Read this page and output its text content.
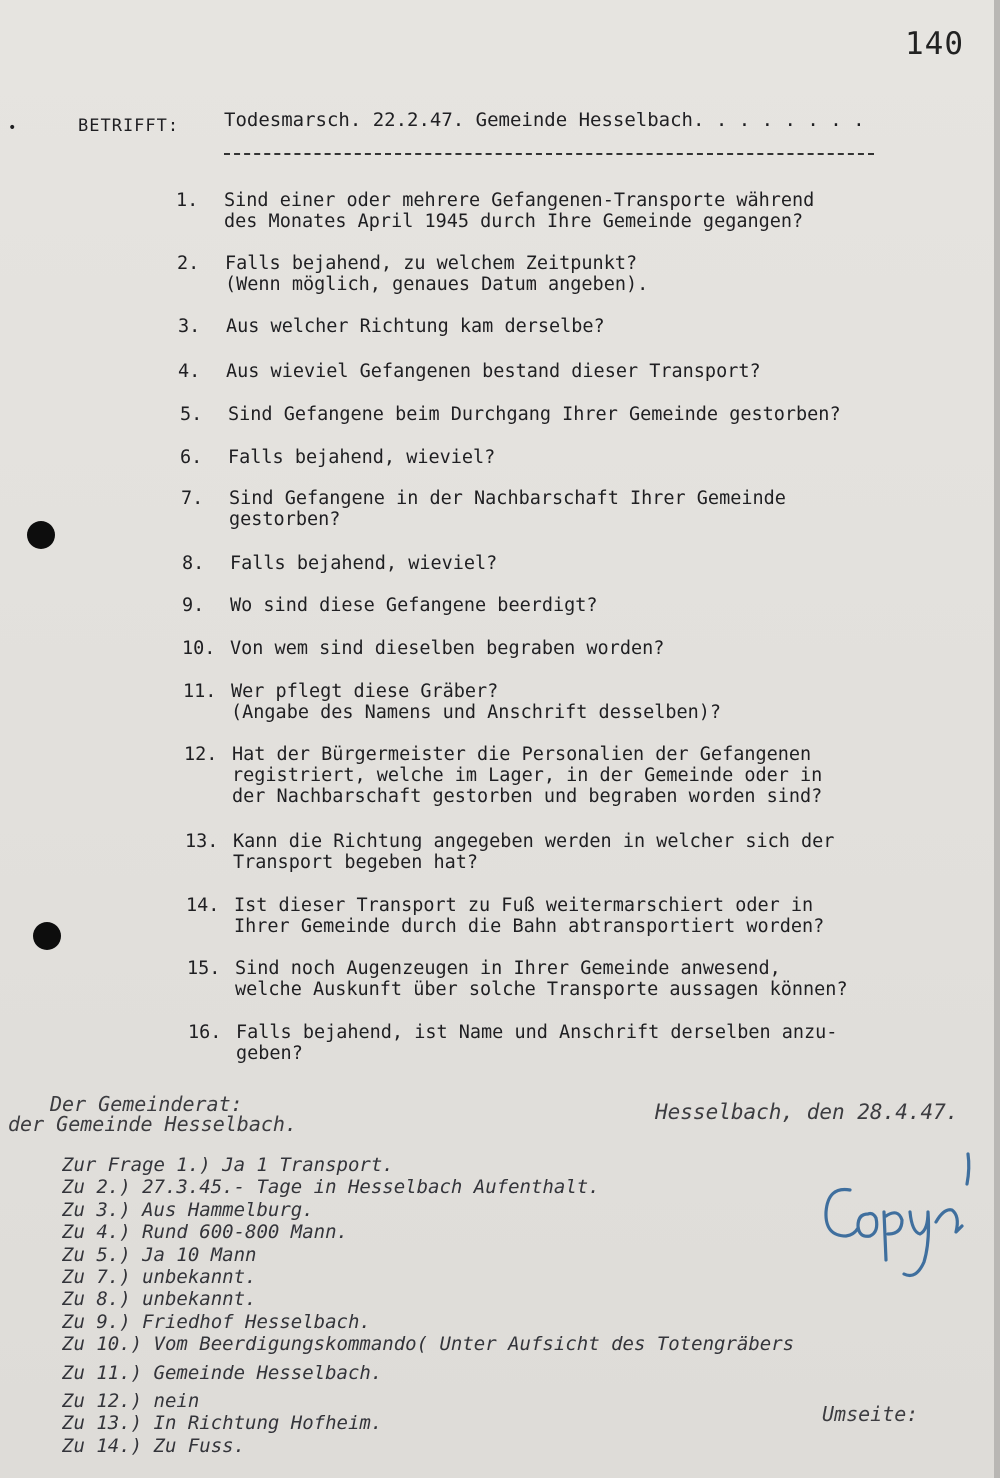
140
•	BETRIFFT: Todesmarsch. 22.2.47. Gemeinde Hesselbach. . . . . . . .
1. Sind einer oder mehrere Gefangenen-Transporte während
des Monates April 1945 durch Ihre Gemeinde gegangen?
2. Falls bejahend, zu welchem Zeitpunkt?
(Wenn möglich, genaues Datum angeben).
3. Aus welcher Richtung kam derselbe?
4. Aus wieviel Gefangenen bestand dieser Transport?
5. Sind Gefangene beim Durchgang Ihrer Gemeinde gestorben?
6. Falls bejahend, wieviel?
7. Sind Gefangene in der Nachbarschaft Ihrer Gemeinde
gestorben?
8. Falls bejahend, wieviel?
9. Wo sind diese Gefangene beerdigt?
10. Von wem sind dieselben begraben worden?
11. Wer pflegt diese Gräber?
(Angabe des Namens und Anschrift desselben)?
12. Hat der Bürgermeister die Personalien der Gefangenen
registriert, welche im Lager, in der Gemeinde oder in
der Nachbarschaft gestorben und begraben worden sind?
13. Kann die Richtung angegeben werden in welcher sich der
Transport begeben hat?
14. Ist dieser Transport zu Fuß weitermarschiert oder in
Ihrer Gemeinde durch die Bahn abtransportiert worden?
15. Sind noch Augenzeugen in Ihrer Gemeinde anwesend,
welche Auskunft über solche Transporte aussagen können?
16. Falls bejahend, ist Name und Anschrift derselben anzu-
geben?
Der Gemeinderat:
der Gemeinde Hesselbach.	Hesselbach, den 28.4.47.
Zur Frage 1.) Ja 1 Transport.
Zu 2.) 27.3.45.- Tage in Hesselbach Aufenthalt.
Zu 3.) Aus Hammelburg.
Zu 4.) Rund 600-800 Mann.
Zu 5.) Ja 10 Mann
Zu 7.) unbekannt.
Zu 8.) unbekannt.
Zu 9.) Friedhof Hesselbach.
Zu 10.) Vom Beerdigungskommando( Unter Aufsicht des Totengräbers
Zu 11.) Gemeinde Hesselbach.
Zu 12.) nein
Zu 13.) In Richtung Hofheim.
Zu 14.) Zu Fuss.
Umseite:
